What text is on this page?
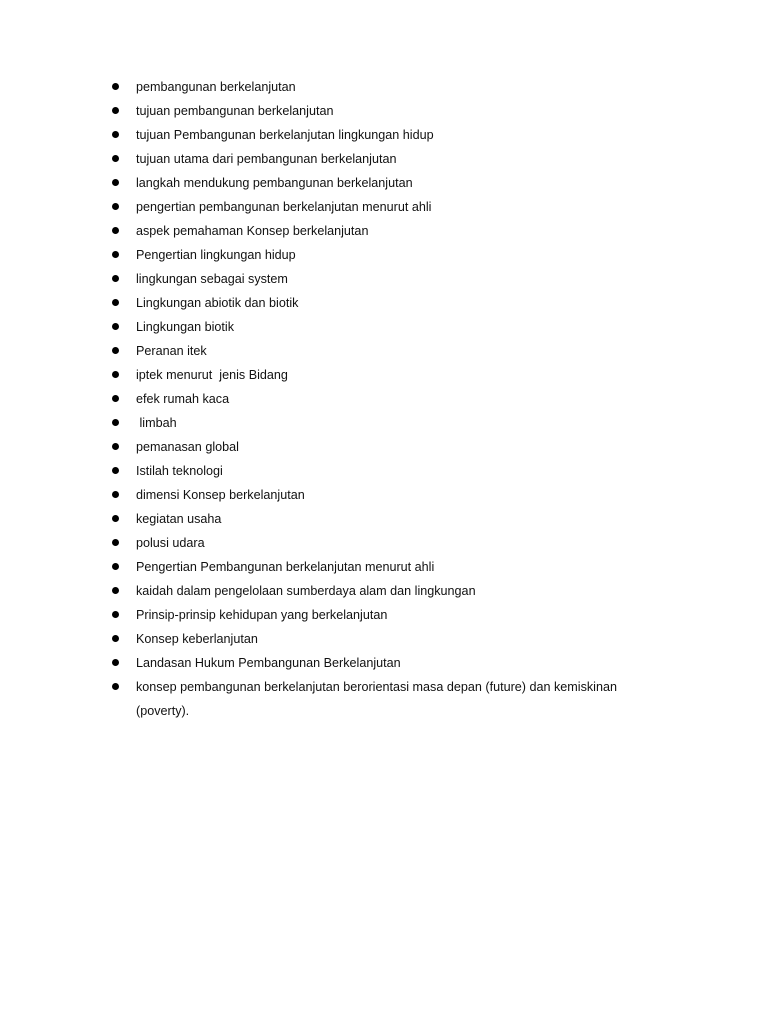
pembangunan berkelanjutan
tujuan pembangunan berkelanjutan
tujuan Pembangunan berkelanjutan lingkungan hidup
tujuan utama dari pembangunan berkelanjutan
langkah mendukung pembangunan berkelanjutan
pengertian pembangunan berkelanjutan menurut ahli
aspek pemahaman Konsep berkelanjutan
Pengertian lingkungan hidup
lingkungan sebagai system
Lingkungan abiotik dan biotik
Lingkungan biotik
Peranan itek
iptek menurut  jenis Bidang
efek rumah kaca
limbah
pemanasan global
Istilah teknologi
dimensi Konsep berkelanjutan
kegiatan usaha
polusi udara
Pengertian Pembangunan berkelanjutan menurut ahli
kaidah dalam pengelolaan sumberdaya alam dan lingkungan
Prinsip-prinsip kehidupan yang berkelanjutan
Konsep keberlanjutan
Landasan Hukum Pembangunan Berkelanjutan
konsep pembangunan berkelanjutan berorientasi masa depan (future) dan kemiskinan (poverty).
